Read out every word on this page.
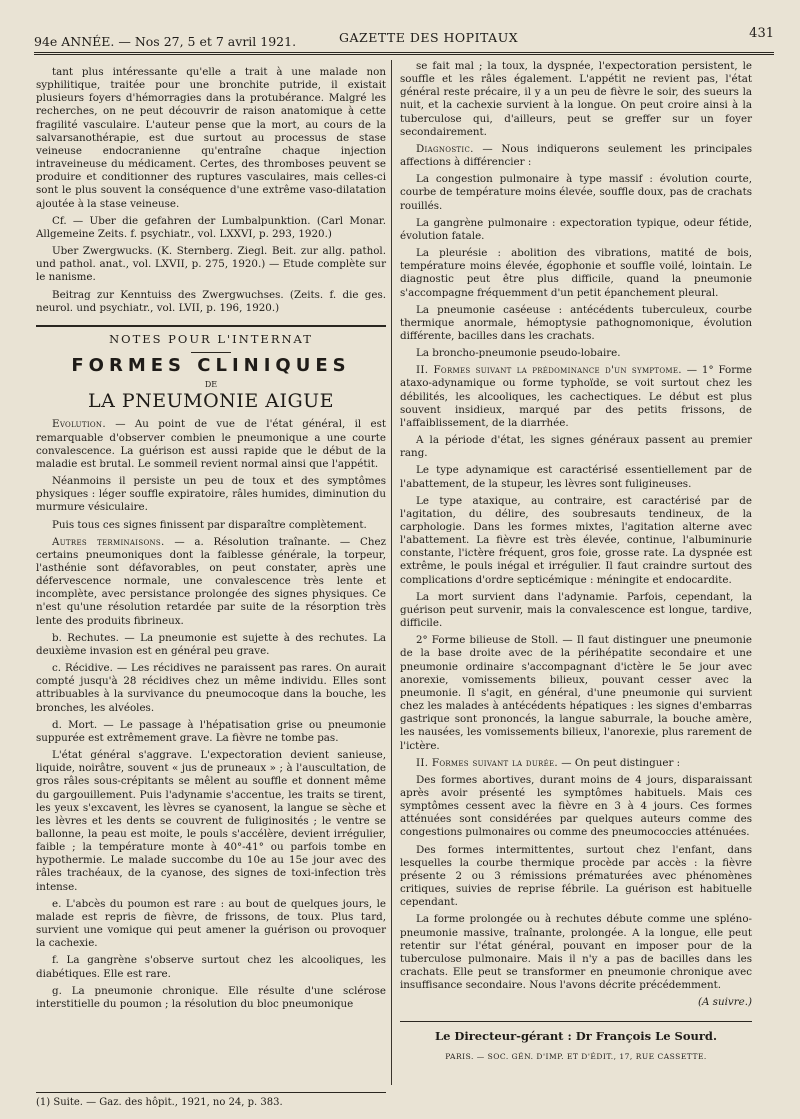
94e ANNÉE. — Nos 27, 5 et 7 avril 1921.	GAZETTE DES HOPITAUX	431

tant plus intéressante qu'elle a trait à une malade non syphilitique, traitée pour une bronchite putride, il existait plusieurs foyers d'hémorragies dans la protubérance. Malgré les recherches, on ne peut découvrir de raison anatomique à cette fragilité vasculaire. L'auteur pense que la mort, au cours de la salvarsanothérapie, est due surtout au processus de stase veineuse endocranienne qu'entraîne chaque injection intraveineuse du médicament. Certes, des thromboses peuvent se produire et conditionner des ruptures vasculaires, mais celles-ci sont le plus souvent la conséquence d'une extrême vaso-dilatation ajoutée à la stase veineuse.

Cf. — Uber die gefahren der Lumbalpunktion. (Carl Monar. Allgemeine Zeits. f. psychiatr., vol. LXXVI, p. 293, 1920.)

Uber Zwergwucks. (K. Sternberg. Ziegl. Beit. zur allg. pathol. und pathol. anat., vol. LXVII, p. 275, 1920.) — Etude complète sur le nanisme.

Beitrag zur Kenntuiss des Zwergwuchses. (Zeits. f. die ges. neurol. und psychiatr., vol. LVII, p. 196, 1920.)

NOTES POUR L'INTERNAT
FORMES CLINIQUES
DE
LA PNEUMONIE AIGUE

Evolution. — Au point de vue de l'état général, il est remarquable d'observer combien le pneumonique a une courte convalescence. La guérison est aussi rapide que le début de la maladie est brutal. Le sommeil revient normal ainsi que l'appétit.

Néanmoins il persiste un peu de toux et des symptômes physiques : léger souffle expiratoire, râles humides, diminution du murmure vésiculaire.

Puis tous ces signes finissent par disparaître complètement.

Autres terminaisons. — a. Résolution traînante. — Chez certains pneumoniques dont la faiblesse générale, la torpeur, l'asthénie sont défavorables, on peut constater, après une défervescence normale, une convalescence très lente et incomplète, avec persistance prolongée des signes physiques. Ce n'est qu'une résolution retardée par suite de la résorption très lente des produits fibrineux.

b. Rechutes. — La pneumonie est sujette à des rechutes. La deuxième invasion est en général peu grave.

c. Récidive. — Les récidives ne paraissent pas rares. On aurait compté jusqu'à 28 récidives chez un même individu. Elles sont attribuables à la survivance du pneumocoque dans la bouche, les bronches, les alvéoles.

d. Mort. — Le passage à l'hépatisation grise ou pneumonie suppurée est extrêmement grave. La fièvre ne tombe pas.

L'état général s'aggrave. L'expectoration devient sanieuse, liquide, noirâtre, souvent « jus de pruneaux » ; à l'auscultation, de gros râles sous-crépitants se mêlent au souffle et donnent même du gargouillement. Puis l'adynamie s'accentue, les traits se tirent, les yeux s'excavent, les lèvres se cyanosent, la langue se sèche et les lèvres et les dents se couvrent de fuliginosités ; le ventre se ballonne, la peau est moite, le pouls s'accélère, devient irrégulier, faible ; la température monte à 40°-41° ou parfois tombe en hypothermie. Le malade succombe du 10e au 15e jour avec des râles trachéaux, de la cyanose, des signes de toxi-infection très intense.

e. L'abcès du poumon est rare : au bout de quelques jours, le malade est repris de fièvre, de frissons, de toux. Plus tard, survient une vomique qui peut amener la guérison ou provoquer la cachexie.

f. La gangrène s'observe surtout chez les alcooliques, les diabétiques. Elle est rare.

g. La pneumonie chronique. Elle résulte d'une sclérose interstitielle du poumon ; la résolution du bloc pneumonique

(1) Suite. — Gaz. des hôpit., 1921, no 24, p. 383.

se fait mal ; la toux, la dyspnée, l'expectoration persistent, le souffle et les râles également. L'appétit ne revient pas, l'état général reste précaire, il y a un peu de fièvre le soir, des sueurs la nuit, et la cachexie survient à la longue. On peut croire ainsi à la tuberculose qui, d'ailleurs, peut se greffer sur un foyer secondairement.

Diagnostic. — Nous indiquerons seulement les principales affections à différencier :

La congestion pulmonaire à type massif : évolution courte, courbe de température moins élevée, souffle doux, pas de crachats rouillés.

La gangrène pulmonaire : expectoration typique, odeur fétide, évolution fatale.

La pleurésie : abolition des vibrations, matité de bois, température moins élevée, égophonie et souffle voilé, lointain. Le diagnostic peut être plus difficile, quand la pneumonie s'accompagne fréquemment d'un petit épanchement pleural.

La pneumonie caséeuse : antécédents tuberculeux, courbe thermique anormale, hémoptysie pathognomonique, évolution différente, bacilles dans les crachats.

La broncho-pneumonie pseudo-lobaire.

II. Formes suivant la prédominance d'un symptome. — 1° Forme ataxo-adynamique ou forme typhoïde, se voit surtout chez les débilités, les alcooliques, les cachectiques. Le début est plus souvent insidieux, marqué par des petits frissons, de l'affaiblissement, de la diarrhée.

A la période d'état, les signes généraux passent au premier rang.

Le type adynamique est caractérisé essentiellement par de l'abattement, de la stupeur, les lèvres sont fuligineuses.

Le type ataxique, au contraire, est caractérisé par de l'agitation, du délire, des soubresauts tendineux, de la carphologie. Dans les formes mixtes, l'agitation alterne avec l'abattement. La fièvre est très élevée, continue, l'albuminurie constante, l'ictère fréquent, gros foie, grosse rate. La dyspnée est extrême, le pouls inégal et irrégulier. Il faut craindre surtout des complications d'ordre septicémique : méningite et endocardite.

La mort survient dans l'adynamie. Parfois, cependant, la guérison peut survenir, mais la convalescence est longue, tardive, difficile.

2° Forme bilieuse de Stoll. — Il faut distinguer une pneumonie de la base droite avec de la périhépatite secondaire et une pneumonie ordinaire s'accompagnant d'ictère le 5e jour avec anorexie, vomissements bilieux, pouvant cesser avec la pneumonie. Il s'agit, en général, d'une pneumonie qui survient chez les malades à antécédents hépatiques : les signes d'embarras gastrique sont prononcés, la langue saburrale, la bouche amère, les nausées, les vomissements bilieux, l'anorexie, plus rarement de l'ictère.

II. Formes suivant la durée. — On peut distinguer :

Des formes abortives, durant moins de 4 jours, disparaissant après avoir présenté les symptômes habituels. Mais ces symptômes cessent avec la fièvre en 3 à 4 jours. Ces formes atténuées sont considérées par quelques auteurs comme des congestions pulmonaires ou comme des pneumococcies atténuées.

Des formes intermittentes, surtout chez l'enfant, dans lesquelles la courbe thermique procède par accès : la fièvre présente 2 ou 3 rémissions prématurées avec phénomènes critiques, suivies de reprise fébrile. La guérison est habituelle cependant.

La forme prolongée ou à rechutes débute comme une spléno-pneumonie massive, traînante, prolongée. A la longue, elle peut retentir sur l'état général, pouvant en imposer pour de la tuberculose pulmonaire. Mais il n'y a pas de bacilles dans les crachats. Elle peut se transformer en pneumonie chronique avec insuffisance secondaire. Nous l'avons décrite précédemment.

(A suivre.)
Le Directeur-gérant : Dr François Le Sourd.
PARIS. — SOC. GÉN. D'IMP. ET D'ÉDIT., 17, RUE CASSETTE.
